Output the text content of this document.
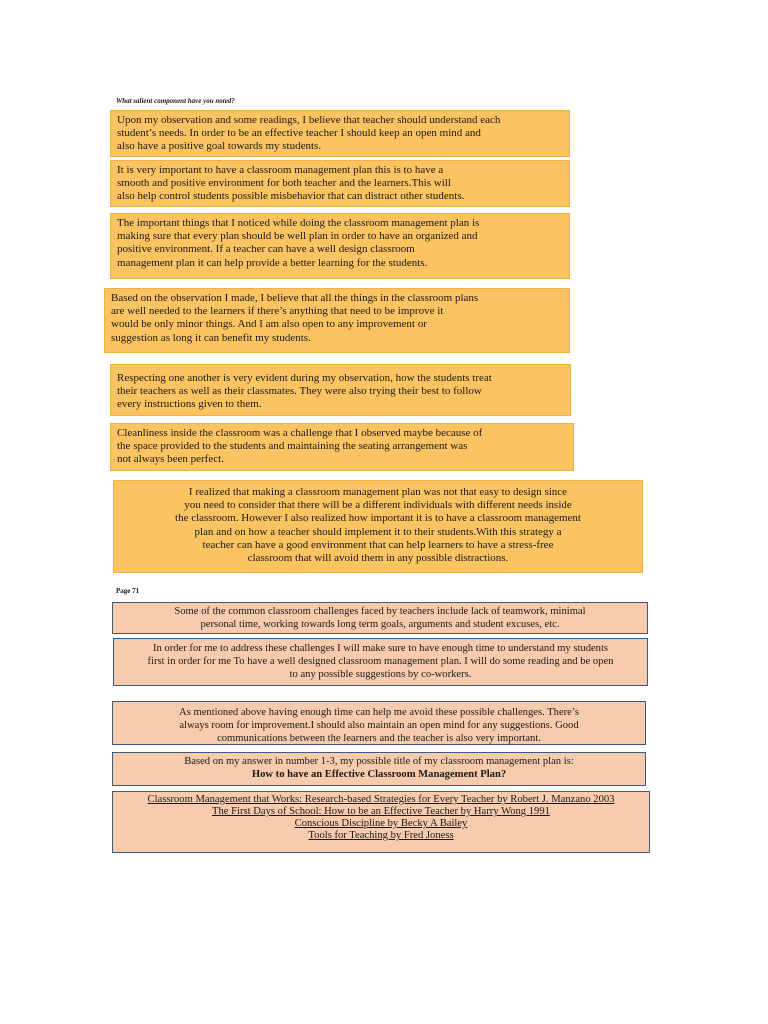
What salient component have you noted?
Upon my observation and some readings, I believe that teacher should understand each
student’s needs. In order to be an effective teacher I should keep an open mind and
also have a positive goal towards my students.
It is very important to have a classroom management plan this is to have a
smooth and positive environment for both teacher and the learners.This will
also help control students possible misbehavior that can distract other students.
The important things that I noticed while doing the classroom management plan is
making sure that every plan should be well plan in order to have an organized and
positive environment. If a teacher can have a well design classroom
management plan it can help provide a better learning for the students.
Based on the observation I made, I believe that all the things in the classroom plans
are well needed to the learners if there’s anything that need to be improve it
would be only minor things. And I am also open to any improvement or
suggestion as long it can benefit my students.
Respecting one another is very evident during my observation, how the students treat
their teachers as well as their classmates. They were also trying their best to follow
every instructions given to them.
Cleanliness inside the classroom was a challenge that I observed maybe because of
the space provided to the students and maintaining the seating arrangement was
not always been perfect.
I realized that making a classroom management plan was not that easy to design since
you need to consider that there will be a different individuals with different needs inside
the classroom. However I also realized how important it is to have a classroom management
plan and on how a teacher should implement it to their students.With this strategy a
teacher can have a good environment that can help learners to have a stress-free
classroom that will avoid them in any possible distractions.
Page 71
Some of the common classroom challenges faced by teachers include lack of teamwork, minimal
personal time, working towards long term goals, arguments and student excuses, etc.
In order for me to address these challenges I will make sure to have enough time to understand my students
first in order for me To have a well designed classroom management plan. I will do some reading and be open
to any possible suggestions by co-workers.
As mentioned above having enough time can help me avoid these possible challenges. There’s
always room for improvement.I should also maintain an open mind for any suggestions. Good
communications between the learners and the teacher is also very important.
Based on my answer in number 1-3, my possible title of my classroom management plan is:
How to have an Effective Classroom Management Plan?
Classroom Management that Works: Research-based Strategies for Every Teacher by Robert J. Manzano 2003
The First Days of School: How to be an Effective Teacher by Harry Wong 1991
Conscious Discipline by Becky A Bailey
Tools for Teaching by Fred Joness
